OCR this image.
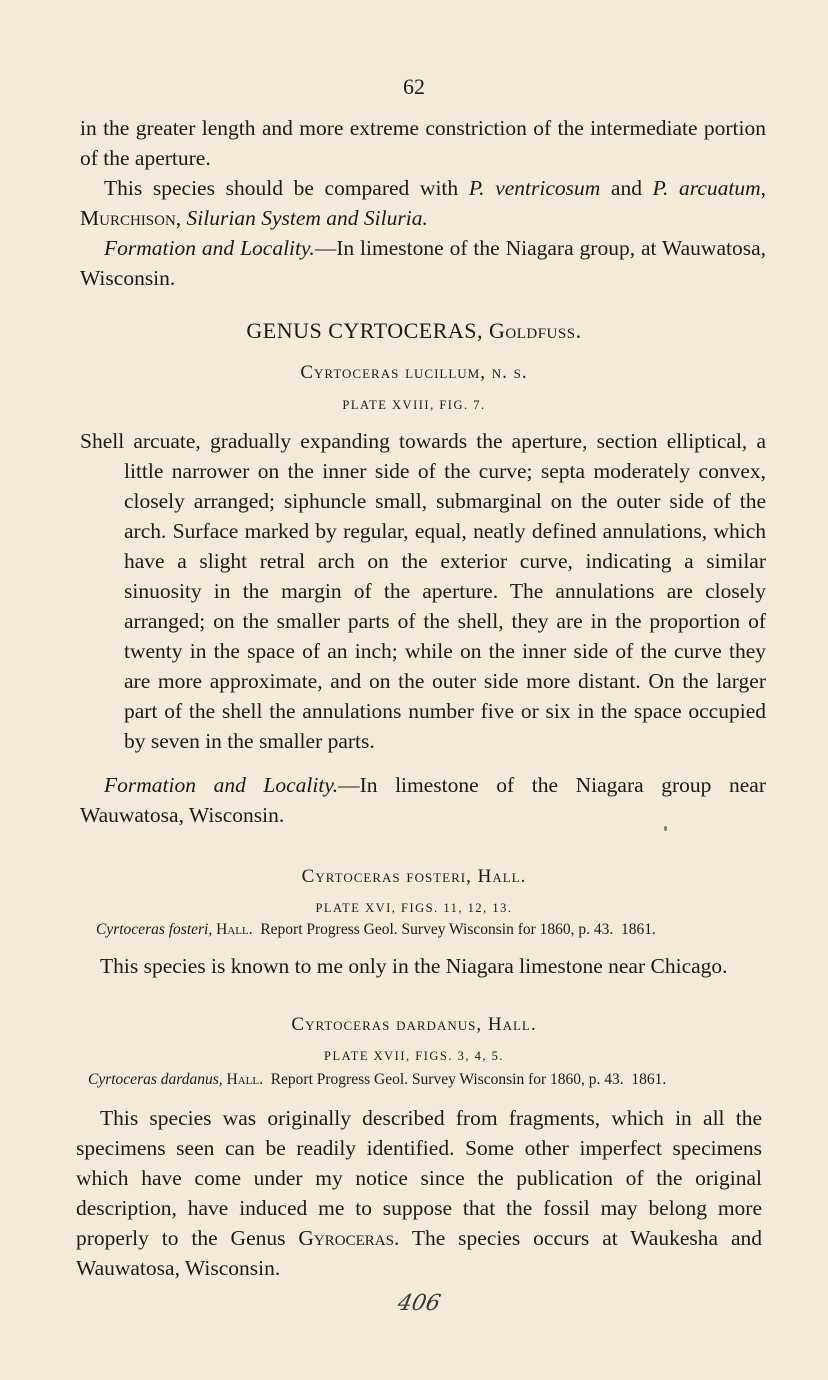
62

in the greater length and more extreme constriction of the intermediate portion of the aperture.

This species should be compared with P. ventricosum and P. arcuatum, Murchison, Silurian System and Siluria.

Formation and Locality.—In limestone of the Niagara group, at Wauwatosa, Wisconsin.

GENUS CYRTOCERAS, Goldfuss.
Cyrtoceras lucillum, n. s.
PLATE XVIII, FIG. 7.

Shell arcuate, gradually expanding towards the aperture, section elliptical, a little narrower on the inner side of the curve; septa moderately convex, closely arranged; siphuncle small, submarginal on the outer side of the arch. Surface marked by regular, equal, neatly defined annulations, which have a slight retral arch on the exterior curve, indicating a similar sinuosity in the margin of the aperture. The annulations are closely arranged; on the smaller parts of the shell, they are in the proportion of twenty in the space of an inch; while on the inner side of the curve they are more approximate, and on the outer side more distant. On the larger part of the shell the annulations number five or six in the space occupied by seven in the smaller parts.

Formation and Locality.—In limestone of the Niagara group near Wauwatosa, Wisconsin.

Cyrtoceras fosteri, Hall.
PLATE XVI, FIGS. 11, 12, 13.
Cyrtoceras fosteri, Hall.  Report Progress Geol. Survey Wisconsin for 1860, p. 43.  1861.
This species is known to me only in the Niagara limestone near Chicago.
Cyrtoceras dardanus, Hall.
PLATE XVII, FIGS. 3, 4, 5.
Cyrtoceras dardanus, Hall.  Report Progress Geol. Survey Wisconsin for 1860, p. 43.  1861.

This species was originally described from fragments, which in all the specimens seen can be readily identified. Some other imperfect specimens which have come under my notice since the publication of the original description, have induced me to suppose that the fossil may belong more properly to the Genus Gyroceras. The species occurs at Waukesha and Wauwatosa, Wisconsin.

406
